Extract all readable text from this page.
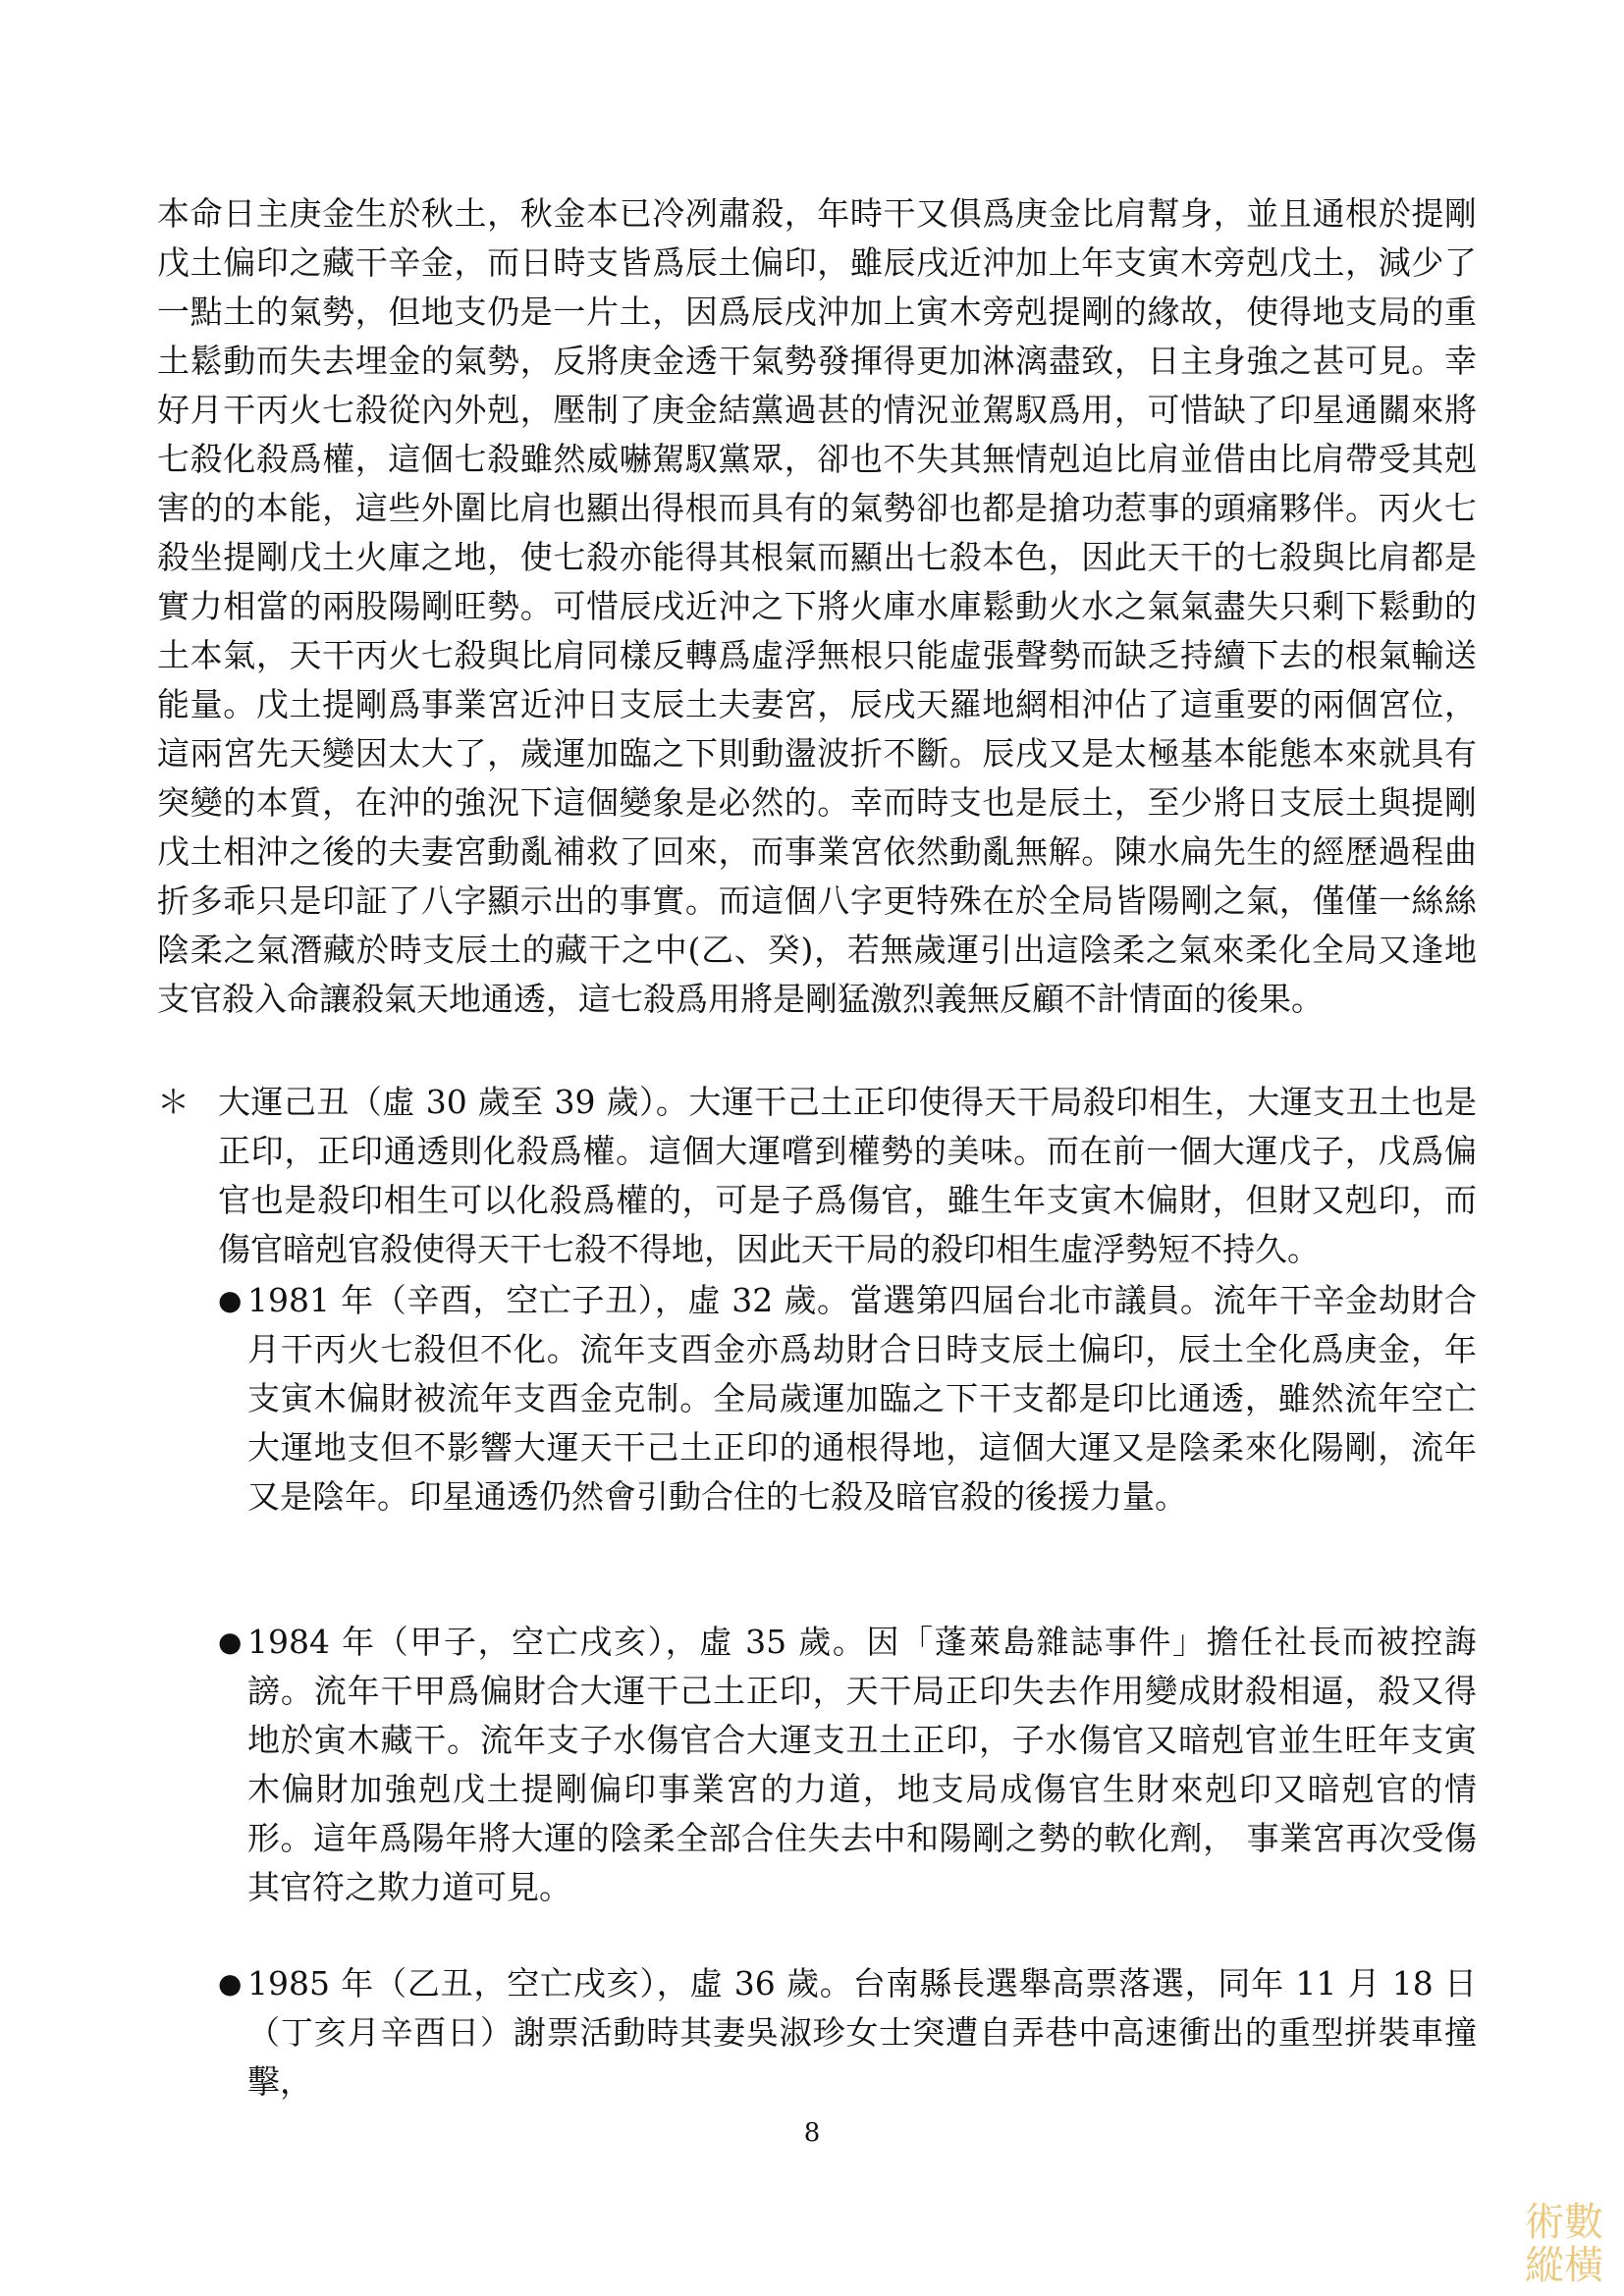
本命日主庚金生於秋土，秋金本已冷冽肅殺，年時干又俱爲庚金比肩幫身，並且通根於提剛戊土偏印之藏干辛金，而日時支皆爲辰土偏印，雖辰戌近沖加上年支寅木旁剋戊土，減少了一點土的氣勢，但地支仍是一片土，因爲辰戌沖加上寅木旁剋提剛的緣故，使得地支局的重土鬆動而失去埋金的氣勢，反將庚金透干氣勢發揮得更加淋漓盡致，日主身強之甚可見。幸好月干丙火七殺從內外剋，壓制了庚金結黨過甚的情況並駕馭爲用，可惜缺了印星通關來將七殺化殺爲權，這個七殺雖然威嚇駕馭黨眾，卻也不失其無情剋迫比肩並借由比肩帶受其剋害的的本能，這些外圍比肩也顯出得根而具有的氣勢卻也都是搶功惹事的頭痛夥伴。丙火七殺坐提剛戊土火庫之地，使七殺亦能得其根氣而顯出七殺本色，因此天干的七殺與比肩都是實力相當的兩股陽剛旺勢。可惜辰戌近沖之下將火庫水庫鬆動火水之氣氣盡失只剩下鬆動的土本氣，天干丙火七殺與比肩同樣反轉爲虛浮無根只能虛張聲勢而缺乏持續下去的根氣輸送能量。戊土提剛爲事業宮近沖日支辰土夫妻宮，辰戌天羅地網相沖佔了這重要的兩個宮位，這兩宮先天變因太大了，歲運加臨之下則動盪波折不斷。辰戌又是太極基本能態本來就具有突變的本質，在沖的強況下這個變象是必然的。幸而時支也是辰土，至少將日支辰土與提剛戊土相沖之後的夫妻宮動亂補救了回來，而事業宮依然動亂無解。陳水扁先生的經歷過程曲折多乖只是印証了八字顯示出的事實。而這個八字更特殊在於全局皆陽剛之氣，僅僅一絲絲陰柔之氣潛藏於時支辰土的藏干之中(乙、癸)，若無歲運引出這陰柔之氣來柔化全局又逢地支官殺入命讓殺氣天地通透，這七殺爲用將是剛猛激烈義無反顧不計情面的後果。

＊ 大運己丑（虛 30 歲至 39 歲）。大運干己土正印使得天干局殺印相生，大運支丑土也是正印，正印通透則化殺爲權。這個大運嚐到權勢的美味。而在前一個大運戊子，戊爲偏官也是殺印相生可以化殺爲權的，可是子爲傷官，雖生年支寅木偏財，但財又剋印，而傷官暗剋官殺使得天干七殺不得地，因此天干局的殺印相生虛浮勢短不持久。

● 1981 年（辛酉，空亡子丑），虛 32 歲。當選第四屆台北市議員。流年干辛金劫財合月干丙火七殺但不化。流年支酉金亦爲劫財合日時支辰土偏印，辰土全化爲庚金，年支寅木偏財被流年支酉金克制。全局歲運加臨之下干支都是印比通透，雖然流年空亡大運地支但不影響大運天干己土正印的通根得地，這個大運又是陰柔來化陽剛，流年又是陰年。印星通透仍然會引動合住的七殺及暗官殺的後援力量。

● 1984 年（甲子，空亡戌亥），虛 35 歲。因「蓬萊島雜誌事件」擔任社長而被控誨謗。流年干甲爲偏財合大運干己土正印，天干局正印失去作用變成財殺相逼，殺又得地於寅木藏干。流年支子水傷官合大運支丑土正印，子水傷官又暗剋官並生旺年支寅木偏財加強剋戊土提剛偏印事業宮的力道，地支局成傷官生財來剋印又暗剋官的情形。這年爲陽年將大運的陰柔全部合住失去中和陽剛之勢的軟化劑， 事業宮再次受傷其官符之欺力道可見。

● 1985 年（乙丑，空亡戌亥），虛 36 歲。台南縣長選舉高票落選，同年 11 月 18 日（丁亥月辛酉日）謝票活動時其妻吳淑珍女士突遭自弄巷中高速衝出的重型拼裝車撞擊，

8
術數縱橫
